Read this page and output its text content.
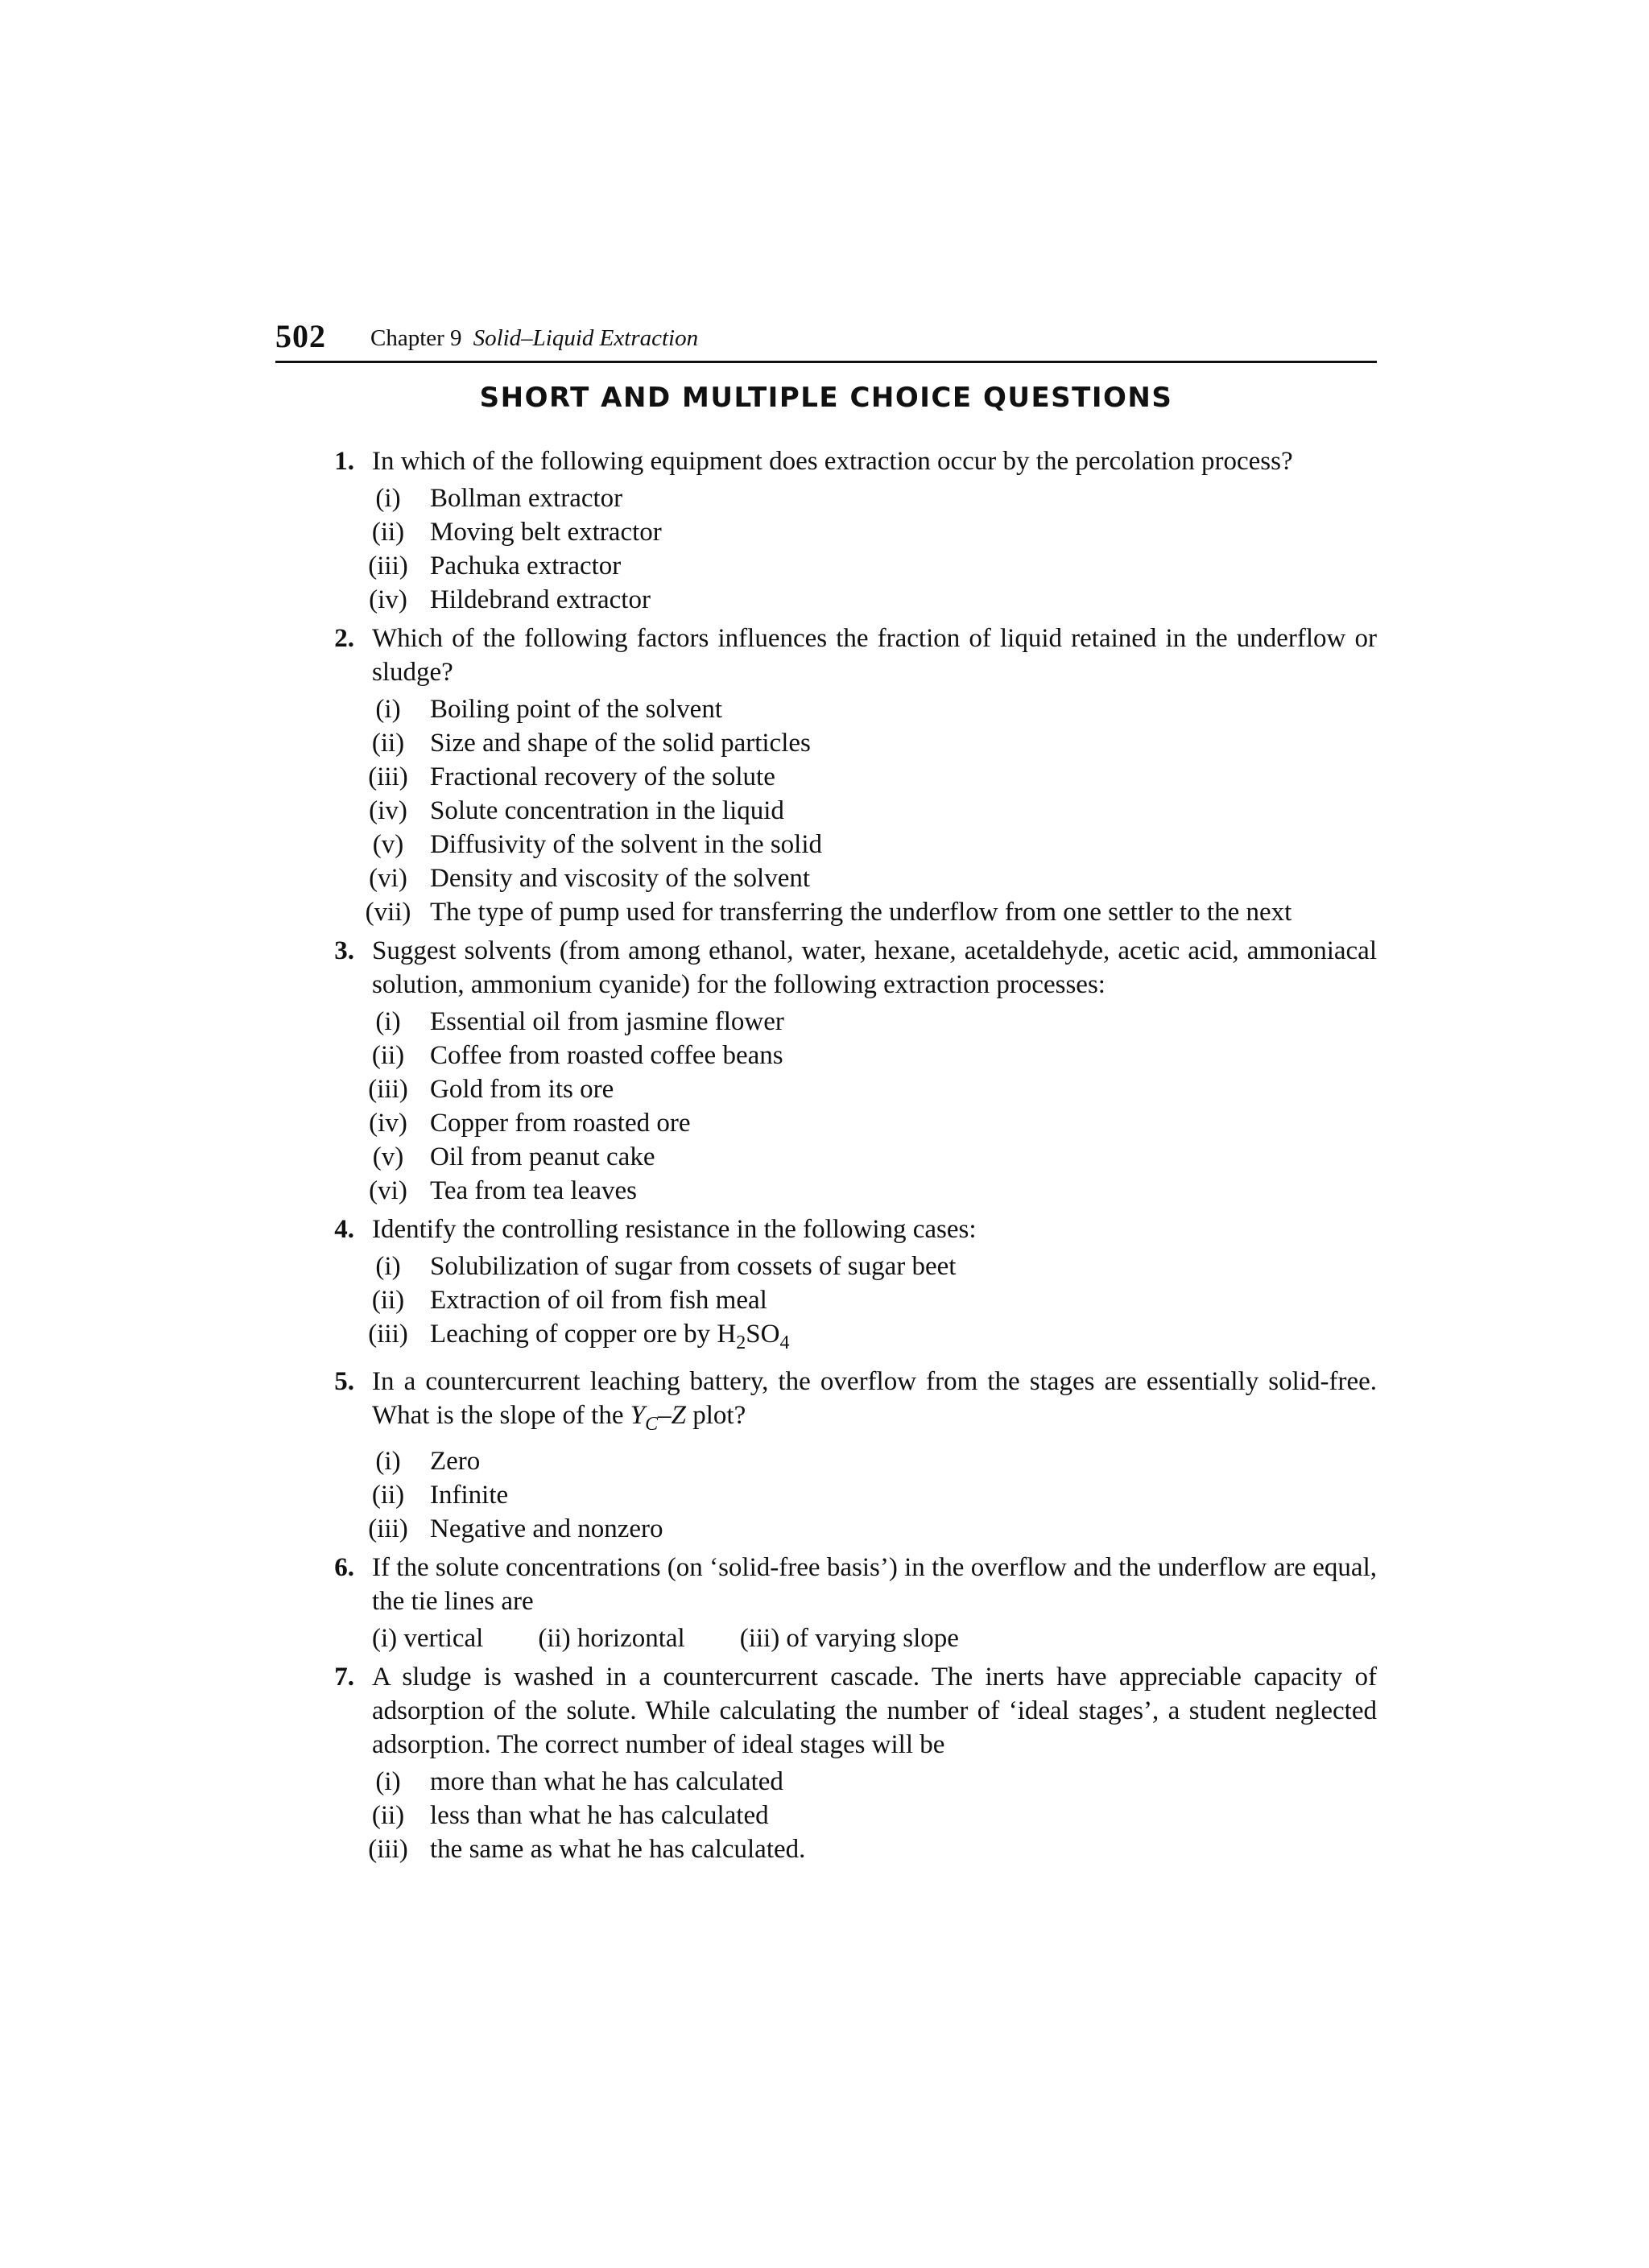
502 Chapter 9 Solid–Liquid Extraction
SHORT AND MULTIPLE CHOICE QUESTIONS
1. In which of the following equipment does extraction occur by the percolation process?
(i)	Bollman extractor
(ii) Moving belt extractor
(iii) Pachuka extractor
(iv) Hildebrand extractor
2. Which of the following factors influences the fraction of liquid retained in the underflow or sludge?
(i)	Boiling point of the solvent
(ii) Size and shape of the solid particles
(iii) Fractional recovery of the solute
(iv) Solute concentration in the liquid
(v) Diffusivity of the solvent in the solid
(vi) Density and viscosity of the solvent
(vii) The type of pump used for transferring the underflow from one settler to the next
3. Suggest solvents (from among ethanol, water, hexane, acetaldehyde, acetic acid, ammoniacal solution, ammonium cyanide) for the following extraction processes:
(i)	Essential oil from jasmine flower
(ii) Coffee from roasted coffee beans
(iii) Gold from its ore
(iv) Copper from roasted ore
(v) Oil from peanut cake
(vi) Tea from tea leaves
4. Identify the controlling resistance in the following cases:
(i)	Solubilization of sugar from cossets of sugar beet
(ii) Extraction of oil from fish meal
(iii) Leaching of copper ore by $H_2SO_4$
5. In a countercurrent leaching battery, the overflow from the stages are essentially solid-free. What is the slope of the $Y_C-Z$ plot?
(i)	Zero
(ii) Infinite
(iii) Negative and nonzero
6. If the solute concentrations (on ‘solid-free basis’) in the overflow and the underflow are equal, the tie lines are
(i) vertical (ii) horizontal (iii) of varying slope
7. A sludge is washed in a countercurrent cascade. The inerts have appreciable capacity of adsorption of the solute. While calculating the number of ‘ideal stages’, a student neglected adsorption. The correct number of ideal stages will be
(i)	more than what he has calculated
(ii) less than what he has calculated
(iii) the same as what he has calculated.
